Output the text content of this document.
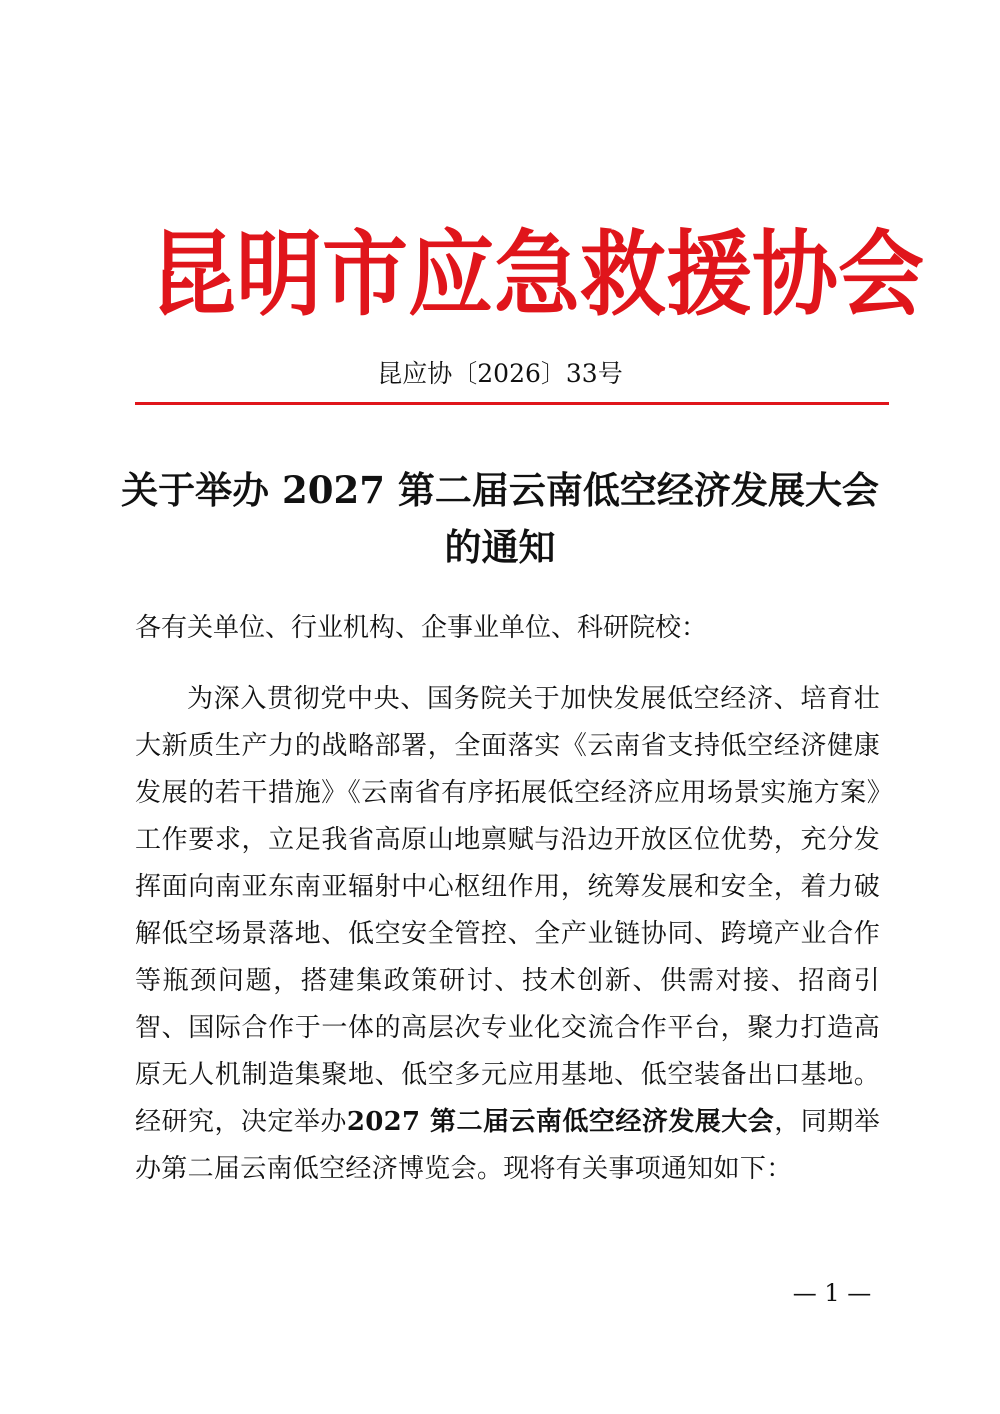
昆明市应急救援协会
昆应协〔2026〕33号
关于举办 2027 第二届云南低空经济发展大会
的通知
各有关单位、行业机构、企事业单位、科研院校：

为深入贯彻党中央、国务院关于加快发展低空经济、培育壮大新质生产力的战略部署，全面落实《云南省支持低空经济健康发展的若干措施》《云南省有序拓展低空经济应用场景实施方案》工作要求，立足我省高原山地禀赋与沿边开放区位优势，充分发挥面向南亚东南亚辐射中心枢纽作用，统筹发展和安全，着力破解低空场景落地、低空安全管控、全产业链协同、跨境产业合作等瓶颈问题，搭建集政策研讨、技术创新、供需对接、招商引智、国际合作于一体的高层次专业化交流合作平台，聚力打造高原无人机制造集聚地、低空多元应用基地、低空装备出口基地。经研究，决定举办2027 第二届云南低空经济发展大会，同期举办第二届云南低空经济博览会。现将有关事项通知如下：

— 1 —
